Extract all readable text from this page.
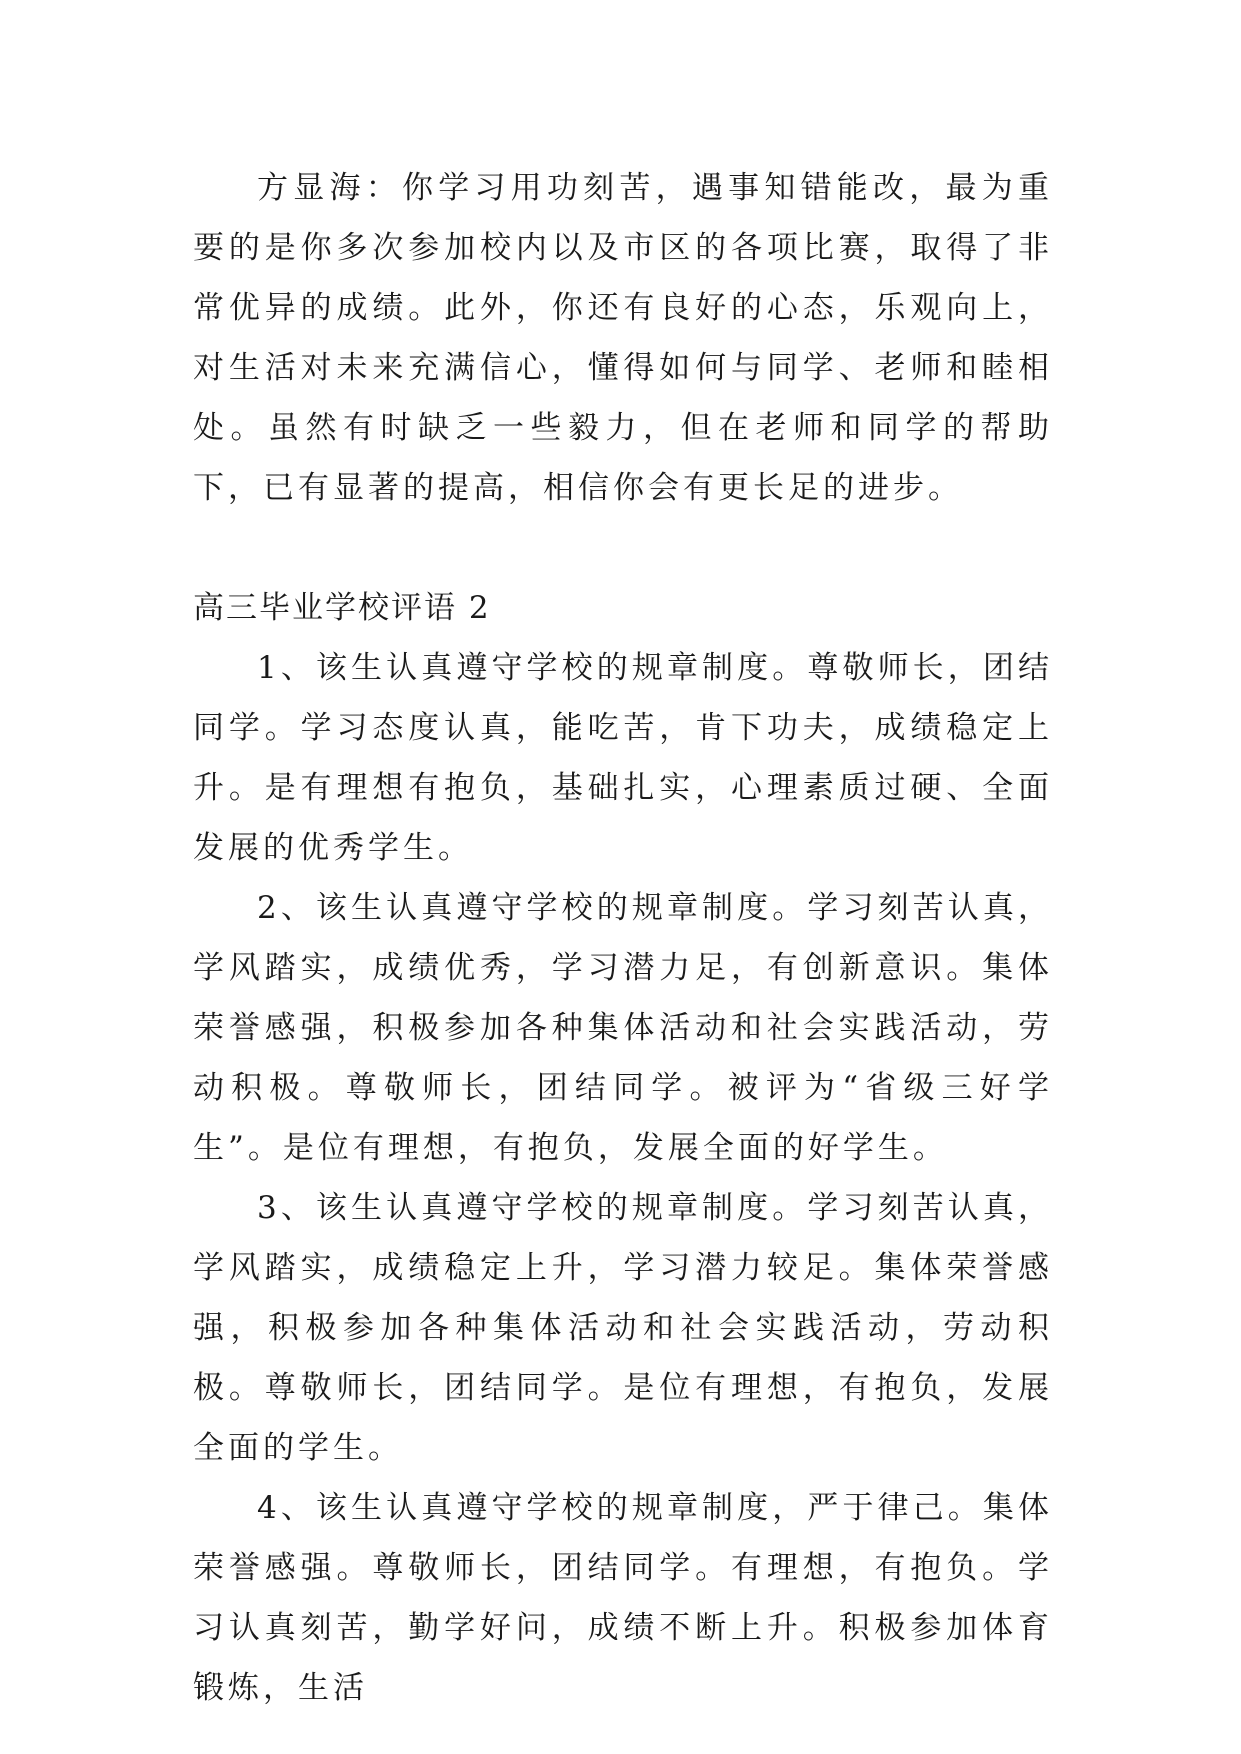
方显海：你学习用功刻苦，遇事知错能改，最为重要的是你多次参加校内以及市区的各项比赛，取得了非常优异的成绩。此外，你还有良好的心态，乐观向上，对生活对未来充满信心，懂得如何与同学、老师和睦相处。虽然有时缺乏一些毅力，但在老师和同学的帮助下，已有显著的提高，相信你会有更长足的进步。

高三毕业学校评语 2

1、该生认真遵守学校的规章制度。尊敬师长，团结同学。学习态度认真，能吃苦，肯下功夫，成绩稳定上升。是有理想有抱负，基础扎实，心理素质过硬、全面发展的优秀学生。

2、该生认真遵守学校的规章制度。学习刻苦认真，学风踏实，成绩优秀，学习潜力足，有创新意识。集体荣誉感强，积极参加各种集体活动和社会实践活动，劳动积极。尊敬师长，团结同学。被评为“省级三好学生”。是位有理想，有抱负，发展全面的好学生。

3、该生认真遵守学校的规章制度。学习刻苦认真，学风踏实，成绩稳定上升，学习潜力较足。集体荣誉感强，积极参加各种集体活动和社会实践活动，劳动积极。尊敬师长，团结同学。是位有理想，有抱负，发展全面的学生。

4、该生认真遵守学校的规章制度，严于律己。集体荣誉感强。尊敬师长，团结同学。有理想，有抱负。学习认真刻苦，勤学好问，成绩不断上升。积极参加体育锻炼，生活
